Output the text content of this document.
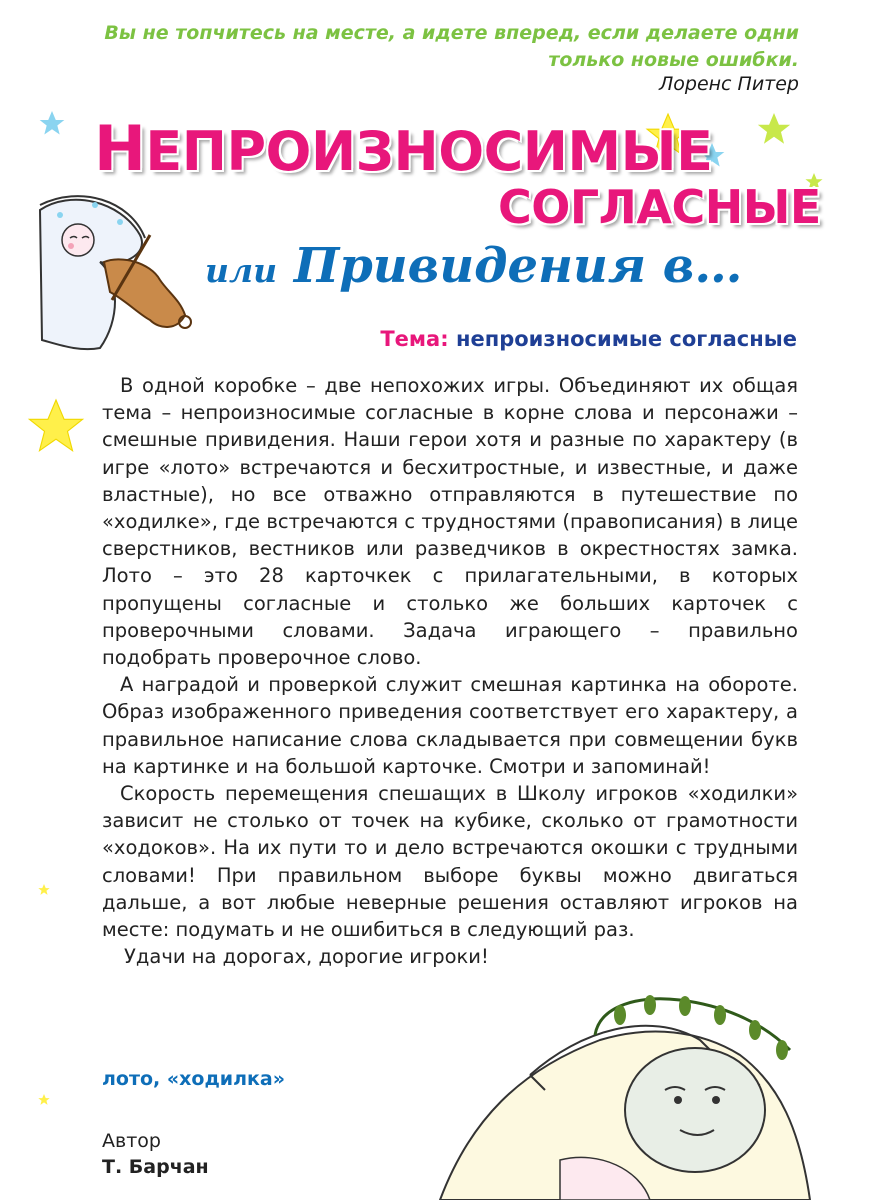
Вы не топчитесь на месте, а идете вперед, если делаете одни
только новые ошибки.
Лоренс Питер
НЕПРОИЗНОСИМЫЕ
СОГЛАСНЫЕ
или Привидения в…
Тема: непроизносимые согласные

В одной коробке – две непохожих игры. Объединяют их общая тема – непроизносимые согласные в корне слова и персонажи – смешные привидения. Наши герои хотя и разные по характеру (в игре «лото» встречаются и бесхитростные, и известные, и даже властные), но все отважно отправляются в путешествие по «ходилке», где встречаются с трудностями (правописания) в лице сверстников, вестников или разведчиков в окрестностях замка. Лото – это 28 карточкек с прилагательными, в которых пропущены согласные и столько же больших карточек с проверочными словами. Задача играющего – правильно подобрать проверочное слово.

А наградой и проверкой служит смешная картинка на обороте. Образ изображенного приведения соответствует его характеру, а правильное написание слова складывается при совмещении букв на картинке и на большой карточке. Смотри и запоминай!

Скорость перемещения спешащих в Школу игроков «ходилки» зависит не столько от точек на кубике, сколько от грамотности «ходоков». На их пути то и дело встречаются окошки с трудными словами! При правильном выборе буквы можно двигаться дальше, а вот любые неверные решения оставляют игроков на месте: подумать и не ошибиться в следующий раз.

Удачи на дорогах, дорогие игроки!

лото, «ходилка»
Автор
Т. Барчан
